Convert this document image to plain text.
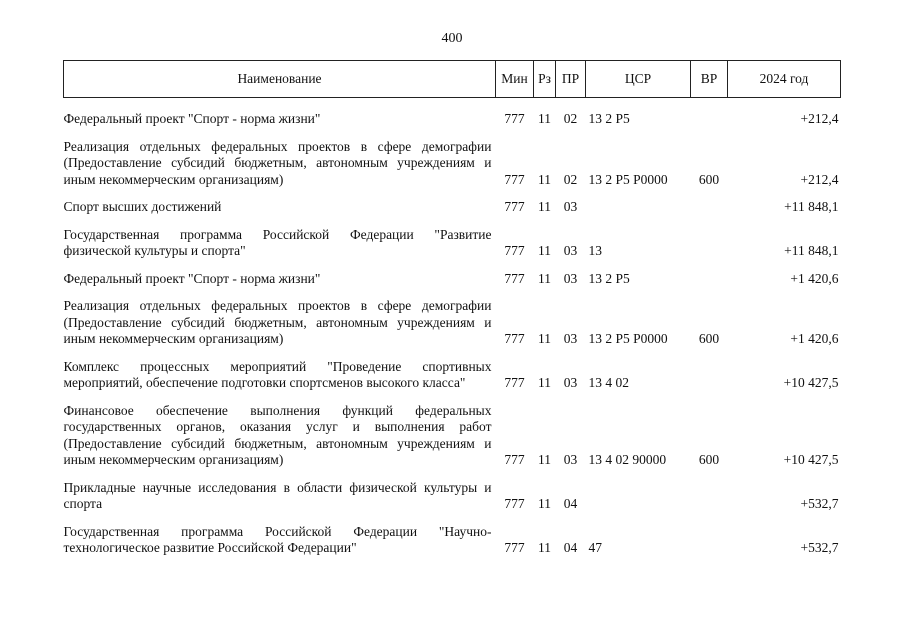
400
Наименование	Мин	Рз	ПР	ЦСР	ВР	2024 год

Федеральный проект "Спорт - норма жизни"	777	11	02	13 2 Р5		+212,4

Реализация отдельных федеральных проектов в сфере демографии (Предоставление субсидий бюджетным, автономным учреждениям и иным некоммерческим организациям)	777	11	02	13 2 Р5 Р0000	600	+212,4

Спорт высших достижений	777	11	03			+11 848,1

Государственная программа Российской Федерации "Развитие физической культуры и спорта"	777	11	03	13		+11 848,1

Федеральный проект "Спорт - норма жизни"	777	11	03	13 2 Р5		+1 420,6

Реализация отдельных федеральных проектов в сфере демографии (Предоставление субсидий бюджетным, автономным учреждениям и иным некоммерческим организациям)	777	11	03	13 2 Р5 Р0000	600	+1 420,6

Комплекс процессных мероприятий "Проведение спортивных мероприятий, обеспечение подготовки спортсменов высокого класса"	777	11	03	13 4 02		+10 427,5

Финансовое обеспечение выполнения функций федеральных государственных органов, оказания услуг и выполнения работ (Предоставление субсидий бюджетным, автономным учреждениям и иным некоммерческим организациям)	777	11	03	13 4 02 90000	600	+10 427,5

Прикладные научные исследования в области физической культуры и спорта	777	11	04			+532,7

Государственная программа Российской Федерации "Научно-технологическое развитие Российской Федерации"	777	11	04	47		+532,7
